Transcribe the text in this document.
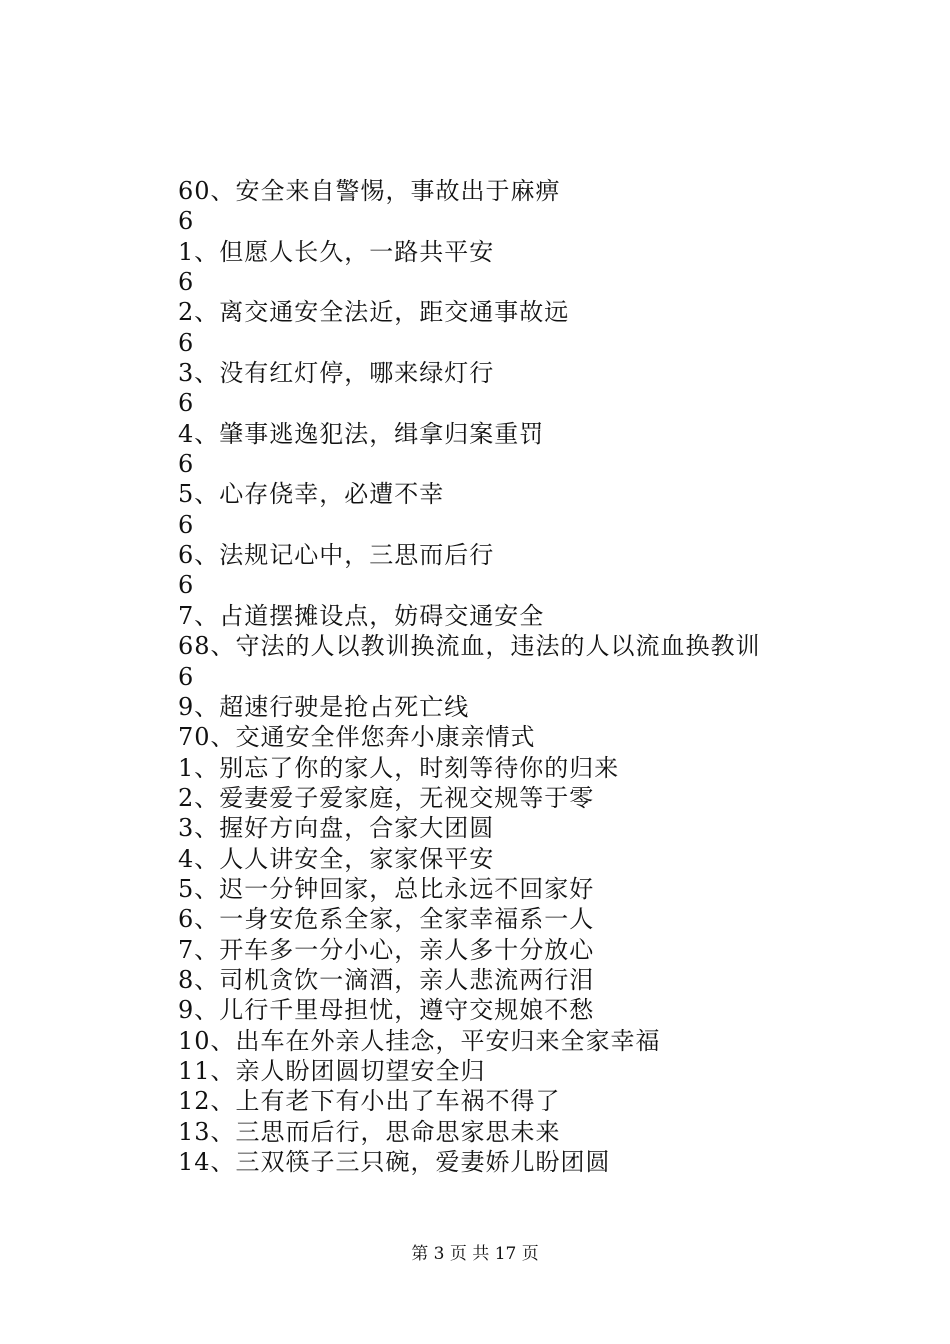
60、安全来自警惕，事故出于麻痹
6
1、但愿人长久，一路共平安
6
2、离交通安全法近，距交通事故远
6
3、没有红灯停，哪来绿灯行
6
4、肇事逃逸犯法，缉拿归案重罚
6
5、心存侥幸，必遭不幸
6
6、法规记心中，三思而后行
6
7、占道摆摊设点，妨碍交通安全
68、守法的人以教训换流血，违法的人以流血换教训
6
9、超速行驶是抢占死亡线
70、交通安全伴您奔小康亲情式
1、别忘了你的家人，时刻等待你的归来
2、爱妻爱子爱家庭，无视交规等于零
3、握好方向盘，合家大团圆
4、人人讲安全，家家保平安
5、迟一分钟回家，总比永远不回家好
6、一身安危系全家，全家幸福系一人
7、开车多一分小心，亲人多十分放心
8、司机贪饮一滴酒，亲人悲流两行泪
9、儿行千里母担忧，遵守交规娘不愁
10、出车在外亲人挂念，平安归来全家幸福
11、亲人盼团圆切望安全归
12、上有老下有小出了车祸不得了
13、三思而后行，思命思家思未来
14、三双筷子三只碗，爱妻娇儿盼团圆
第 3 页 共 17 页
